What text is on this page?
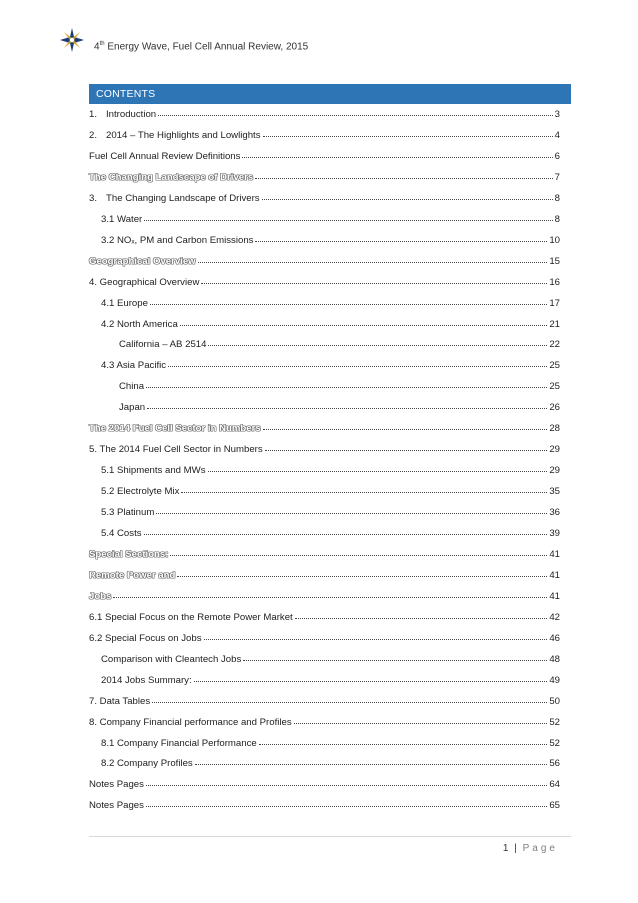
4th Energy Wave, Fuel Cell Annual Review, 2015
CONTENTS
1. Introduction	3
2. 2014 – The Highlights and Lowlights	4
Fuel Cell Annual Review Definitions	6
The Changing Landscape of Drivers	7
3. The Changing Landscape of Drivers	8
3.1 Water	8
3.2 NOₓ, PM and Carbon Emissions	10
Geographical Overview	15
4. Geographical Overview	16
4.1 Europe	17
4.2 North America	21
California – AB 2514	22
4.3 Asia Pacific	25
China	25
Japan	26
The 2014 Fuel Cell Sector in Numbers	28
5. The 2014 Fuel Cell Sector in Numbers	29
5.1 Shipments and MWs	29
5.2 Electrolyte Mix	35
5.3 Platinum	36
5.4 Costs	39
Special Sections:	41
Remote Power and	41
Jobs	41
6.1 Special Focus on the Remote Power Market	42
6.2 Special Focus on Jobs	46
Comparison with Cleantech Jobs	48
2014 Jobs Summary:	49
7. Data Tables	50
8. Company Financial performance and Profiles	52
8.1 Company Financial Performance	52
8.2 Company Profiles	56
Notes Pages	64
Notes Pages	65
1 | Page
